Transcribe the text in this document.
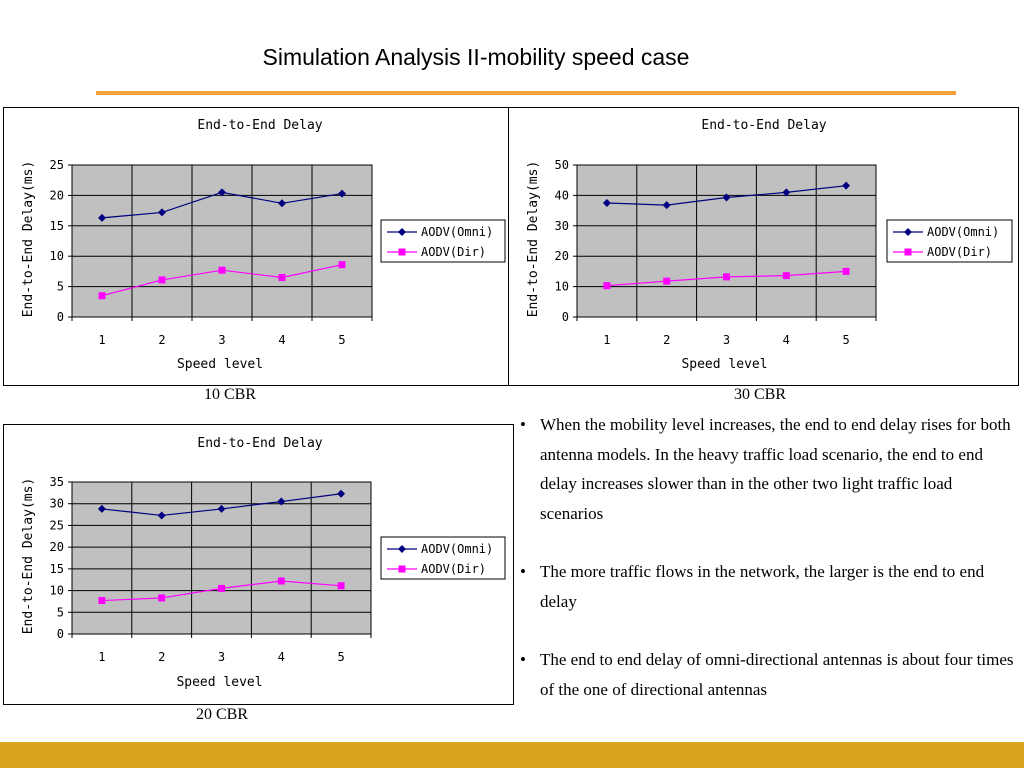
Simulation Analysis II-mobility speed case
End-to-End Delay
0
5
10
15
20
25
1	2	3	4	5
Speed level
End-to-End Delay(ms)	AODV(Omni)
AODV(Dir)
End-to-End Delay
0
10
20
30
40
50
1	2	3	4	5
Speed level
End-to-End Delay(ms)	AODV(Omni)
AODV(Dir)
End-to-End Delay
0
5
10
15
20
25
30
35
1	2	3	4	5
Speed level
End-to-End Delay(ms)	AODV(Omni)
AODV(Dir)
10 CBR	30 CBR
20 CBR
• When the mobility level increases, the end to end delay rises for both antenna models. In the heavy traffic load scenario, the end to end delay increases slower than in the other two light traffic load scenarios
• The more traffic flows in the network, the larger is the end to end delay
• The end to end delay of omni-directional antennas is about four times of the one of directional antennas
